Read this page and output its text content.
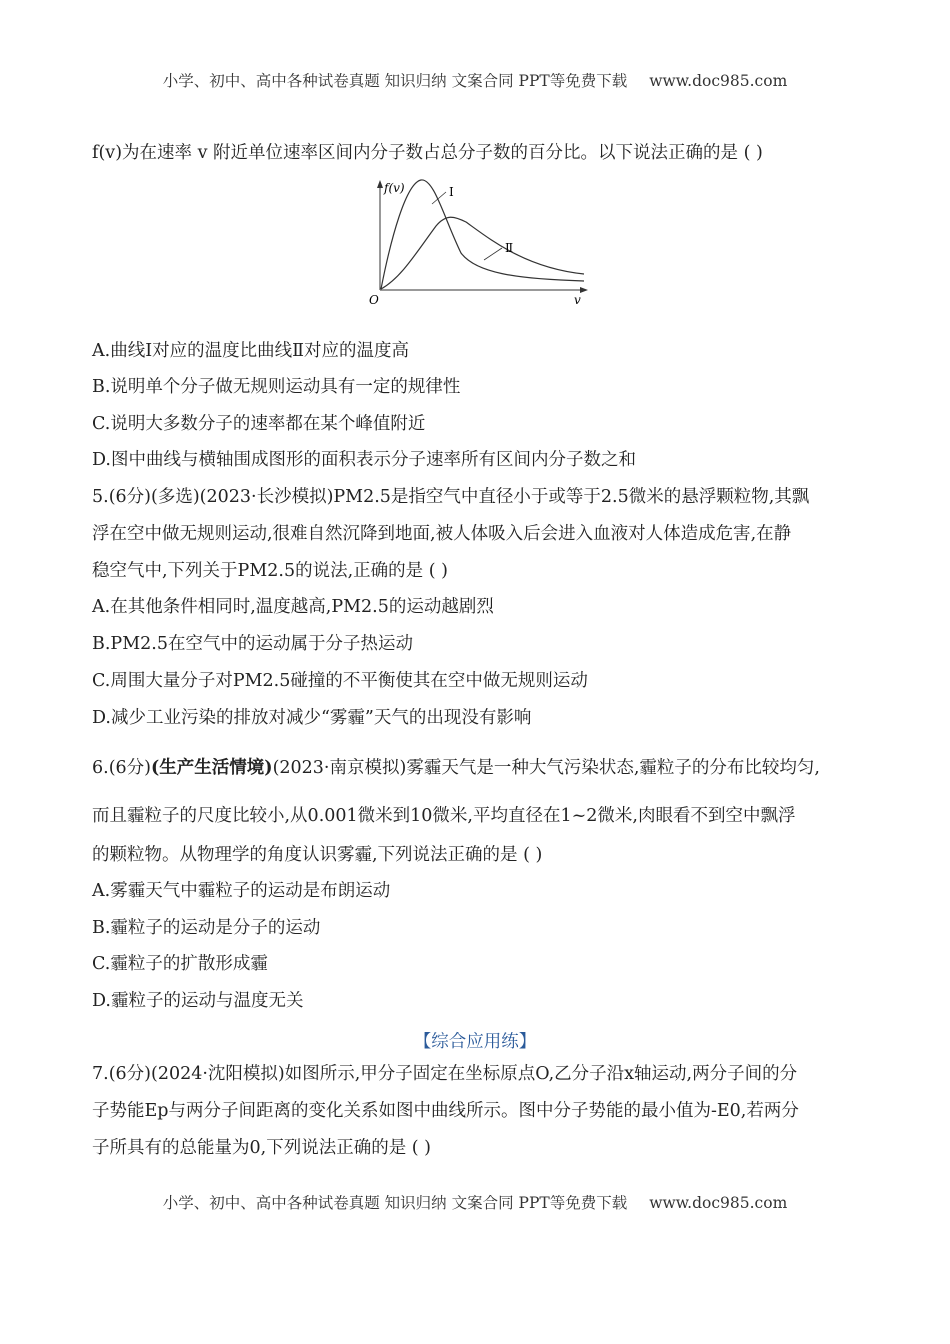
小学、初中、高中各种试卷真题 知识归纳 文案合同 PPT等免费下载 www.doc985.com
f(v)为在速率 v 附近单位速率区间内分子数占总分子数的百分比。以下说法正确的是 ( )
f(v)
v
O
Ⅰ
Ⅱ
A.曲线Ⅰ对应的温度比曲线Ⅱ对应的温度高
B.说明单个分子做无规则运动具有一定的规律性
C.说明大多数分子的速率都在某个峰值附近
D.图中曲线与横轴围成图形的面积表示分子速率所有区间内分子数之和
5.(6分)(多选)(2023·长沙模拟)PM2.5是指空气中直径小于或等于2.5微米的悬浮颗粒物,其飘
浮在空中做无规则运动,很难自然沉降到地面,被人体吸入后会进入血液对人体造成危害,在静
稳空气中,下列关于PM2.5的说法,正确的是 ( )
A.在其他条件相同时,温度越高,PM2.5的运动越剧烈
B.PM2.5在空气中的运动属于分子热运动
C.周围大量分子对PM2.5碰撞的不平衡使其在空中做无规则运动
D.减少工业污染的排放对减少“雾霾”天气的出现没有影响
6.(6分)(生产生活情境)(2023·南京模拟)雾霾天气是一种大气污染状态,霾粒子的分布比较均匀,
而且霾粒子的尺度比较小,从0.001微米到10微米,平均直径在1~2微米,肉眼看不到空中飘浮
的颗粒物。从物理学的角度认识雾霾,下列说法正确的是 ( )
A.雾霾天气中霾粒子的运动是布朗运动
B.霾粒子的运动是分子的运动
C.霾粒子的扩散形成霾
D.霾粒子的运动与温度无关
【综合应用练】
7.(6分)(2024·沈阳模拟)如图所示,甲分子固定在坐标原点O,乙分子沿x轴运动,两分子间的分
子势能Ep与两分子间距离的变化关系如图中曲线所示。图中分子势能的最小值为-E0,若两分
子所具有的总能量为0,下列说法正确的是 ( )
小学、初中、高中各种试卷真题 知识归纳 文案合同 PPT等免费下载 www.doc985.com
